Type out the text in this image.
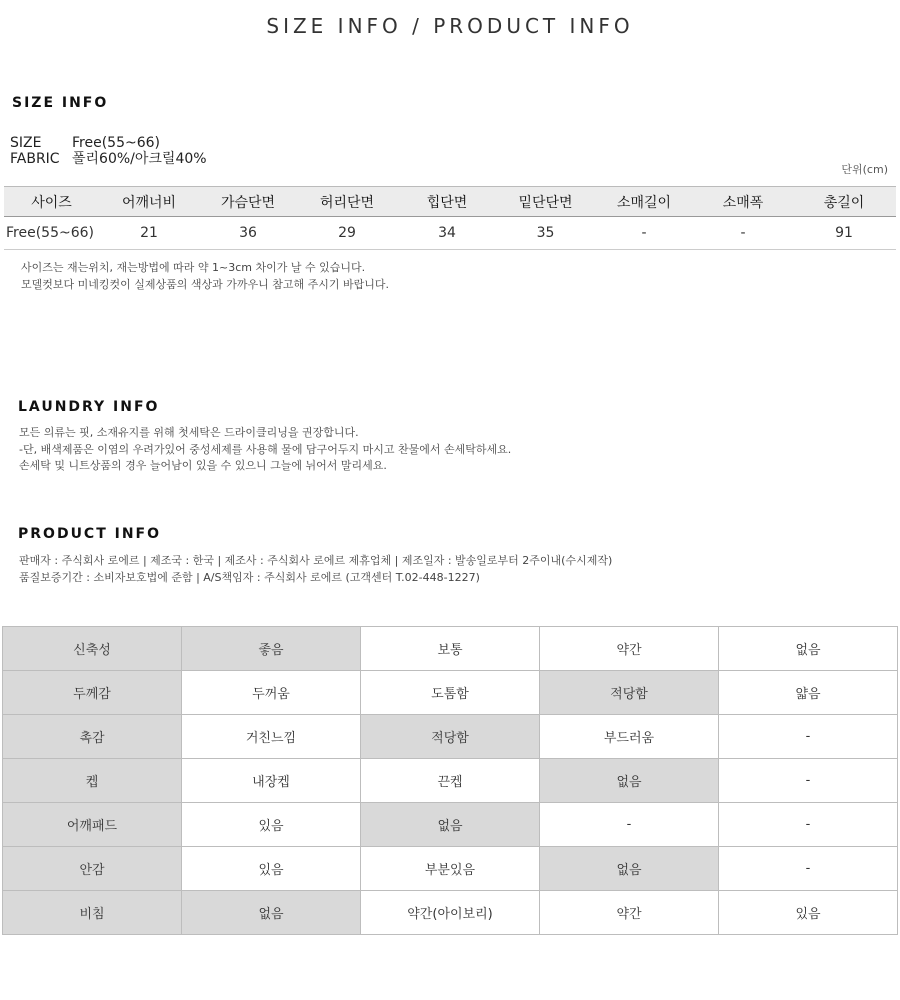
SIZE INFO / PRODUCT INFO
SIZE INFO
SIZE Free(55~66)
FABRIC 폴리60%/아크릴40%
단위(cm)
사이즈	어깨너비	가슴단면	허리단면	힙단면	밑단단면	소매길이	소매폭	총길이
Free(55~66)	21	36	29	34	35	-	-	91
사이즈는 재는위치, 재는방법에 따라 약 1~3cm 차이가 날 수 있습니다.
모델컷보다 미네킹컷이 실제상품의 색상과 가까우니 참고해 주시기 바랍니다.
LAUNDRY INFO
모든 의류는 핏, 소재유지를 위해 첫세탁은 드라이클리닝을 권장합니다.
-단, 배색제품은 이염의 우려가있어 중성세제를 사용해 물에 담구어두지 마시고 찬물에서 손세탁하세요.
손세탁 및 니트상품의 경우 늘어남이 있을 수 있으니 그늘에 뉘어서 말리세요.
PRODUCT INFO
판매자 : 주식회사 로에르 | 제조국 : 한국 | 제조사 : 주식회사 로에르 제휴업체 | 제조일자 : 발송일로부터 2주이내(수시제작)
품질보증기간 : 소비자보호법에 준함 | A/S책임자 : 주식회사 로에르 (고객센터 T.02-448-1227)
신축성	좋음	보통	약간	없음
두께감	두꺼움	도톰함	적당함	얇음
촉감	거친느낌	적당함	부드러움	-
켑	내장켑	끈켑	없음	-
어깨패드	있음	없음	-	-
안감	있음	부분있음	없음	-
비침	없음	약간(아이보리)	약간	있음
